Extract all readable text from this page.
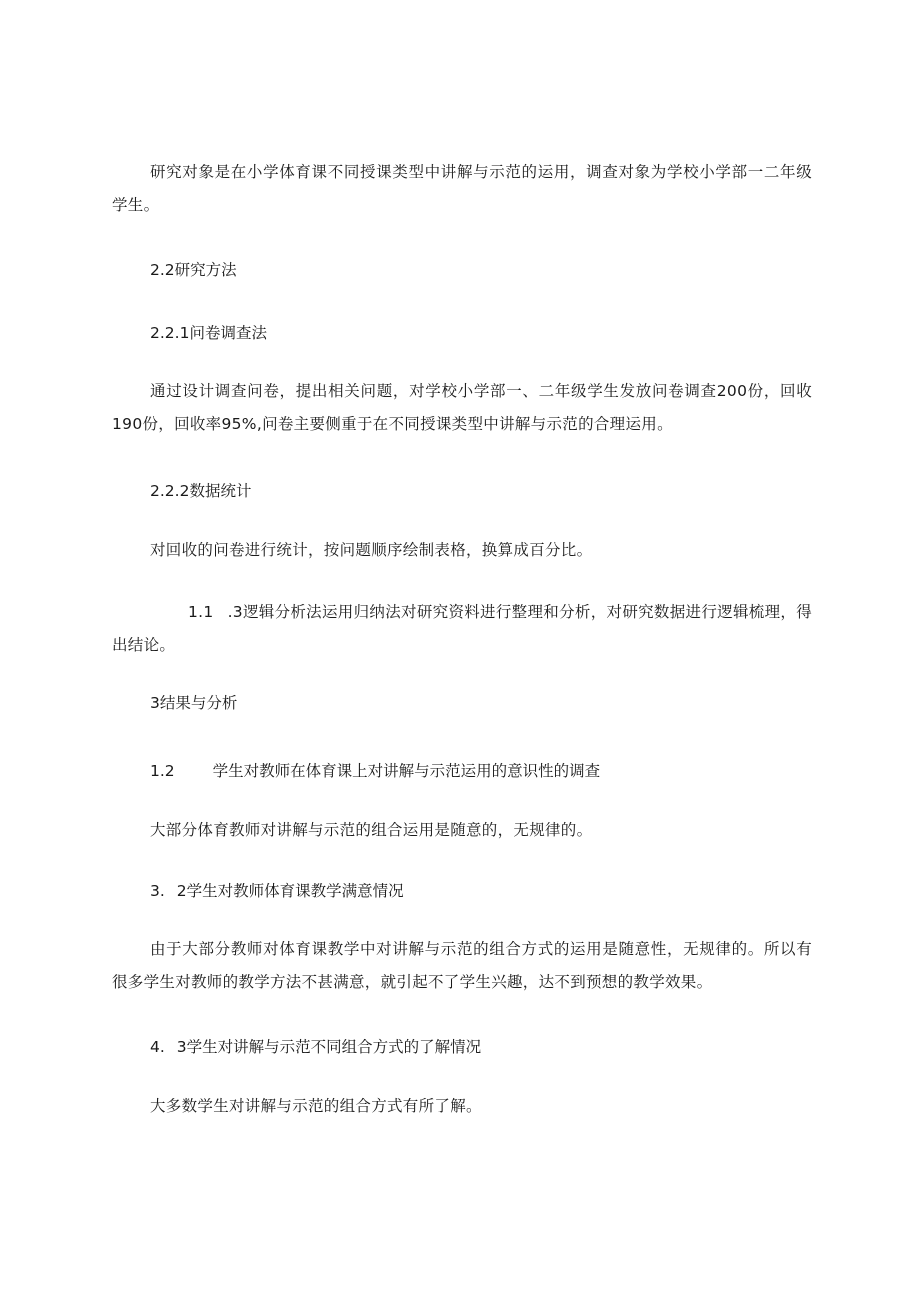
研究对象是在小学体育课不同授课类型中讲解与示范的运用，调查对象为学校小学部一二年级学生。

2.2研究方法

2.2.1问卷调查法

通过设计调查问卷，提出相关问题，对学校小学部一、二年级学生发放问卷调查200份，回收190份，回收率95%,问卷主要侧重于在不同授课类型中讲解与示范的合理运用。

2.2.2数据统计

对回收的问卷进行统计，按问题顺序绘制表格，换算成百分比。

1.1 .3逻辑分析法运用归纳法对研究资料进行整理和分析，对研究数据进行逻辑梳理，得出结论。

3结果与分析

1.2 学生对教师在体育课上对讲解与示范运用的意识性的调查

大部分体育教师对讲解与示范的组合运用是随意的，无规律的。

3. 2学生对教师体育课教学满意情况

由于大部分教师对体育课教学中对讲解与示范的组合方式的运用是随意性，无规律的。所以有很多学生对教师的教学方法不甚满意，就引起不了学生兴趣，达不到预想的教学效果。

4. 3学生对讲解与示范不同组合方式的了解情况

大多数学生对讲解与示范的组合方式有所了解。
